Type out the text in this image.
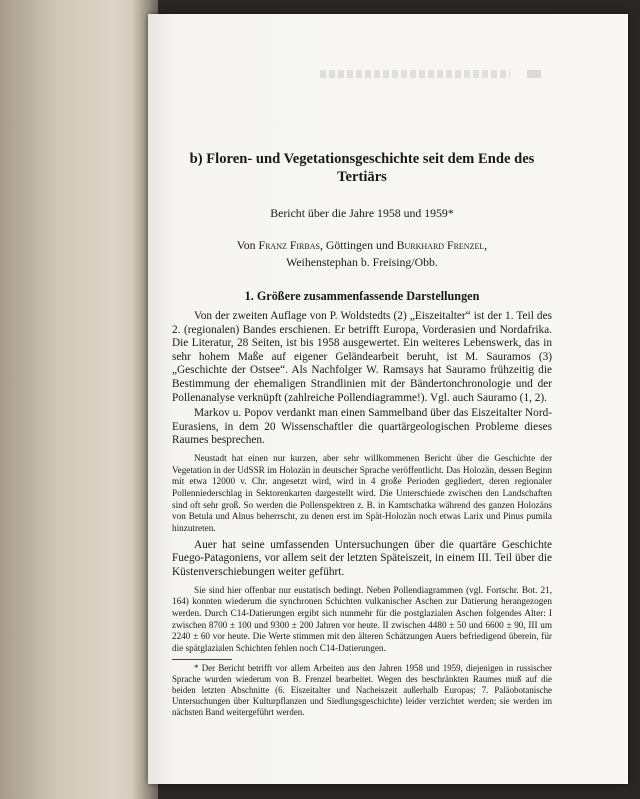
b) Floren- und Vegetationsgeschichte seit dem Ende des Tertiärs

Bericht über die Jahre 1958 und 1959*

Von Franz Firbas, Göttingen und Burkhard Frenzel,
Weihenstephan b. Freising/Obb.

1. Größere zusammenfassende Darstellungen

Von der zweiten Auflage von P. Woldstedts (2) „Eiszeitalter“ ist der 1. Teil des 2. (regionalen) Bandes erschienen. Er betrifft Europa, Vorderasien und Nordafrika. Die Literatur, 28 Seiten, ist bis 1958 ausgewertet. Ein weiteres Lebenswerk, das in sehr hohem Maße auf eigener Geländearbeit beruht, ist M. Sauramos (3) „Geschichte der Ostsee“. Als Nachfolger W. Ramsays hat Sauramo frühzeitig die Bestimmung der ehemaligen Strandlinien mit der Bändertonchronologie und der Pollenanalyse verknüpft (zahlreiche Pollendiagramme!). Vgl. auch Sauramo (1, 2).

Markov u. Popov verdankt man einen Sammelband über das Eiszeitalter Nord-Eurasiens, in dem 20 Wissenschaftler die quartärgeologischen Probleme dieses Raumes besprechen.

Neustadt hat einen nur kurzen, aber sehr willkommenen Bericht über die Geschichte der Vegetation in der UdSSR im Holozän in deutscher Sprache veröffentlicht. Das Holozän, dessen Beginn mit etwa 12000 v. Chr. angesetzt wird, wird in 4 große Perioden gegliedert, deren regionaler Pollenniederschlag in Sektorenkarten dargestellt wird. Die Unterschiede zwischen den Landschaften sind oft sehr groß. So werden die Pollenspektren z. B. in Kamtschatka während des ganzen Holozäns von Betula und Alnus beherrscht, zu denen erst im Spät-Holozän noch etwas Larix und Pinus pumila hinzutreten.

Auer hat seine umfassenden Untersuchungen über die quartäre Geschichte Fuego-Patagoniens, vor allem seit der letzten Späteiszeit, in einem III. Teil über die Küstenverschiebungen weiter geführt.

Sie sind hier offenbar nur eustatisch bedingt. Neben Pollendiagrammen (vgl. Fortschr. Bot. 21, 164) konnten wiederum die synchronen Schichten vulkanischer Aschen zur Datierung herangezogen werden. Durch C14-Datierungen ergibt sich nunmehr für die postglazialen Aschen folgendes Alter: I zwischen 8700 ± 100 und 9300 ± 200 Jahren vor heute. II zwischen 4480 ± 50 und 6600 ± 90, III um 2240 ± 60 vor heute. Die Werte stimmen mit den älteren Schätzungen Auers befriedigend überein, für die spätglazialen Schichten fehlen noch C14-Datierungen.

* Der Bericht betrifft vor allem Arbeiten aus den Jahren 1958 und 1959, diejenigen in russischer Sprache wurden wiederum von B. Frenzel bearbeitet. Wegen des beschränkten Raumes muß auf die beiden letzten Abschnitte (6. Eiszeitalter und Nacheiszeit außerhalb Europas; 7. Paläobotanische Untersuchungen über Kulturpflanzen und Siedlungsgeschichte) leider verzichtet werden; sie werden im nächsten Band weitergeführt werden.
